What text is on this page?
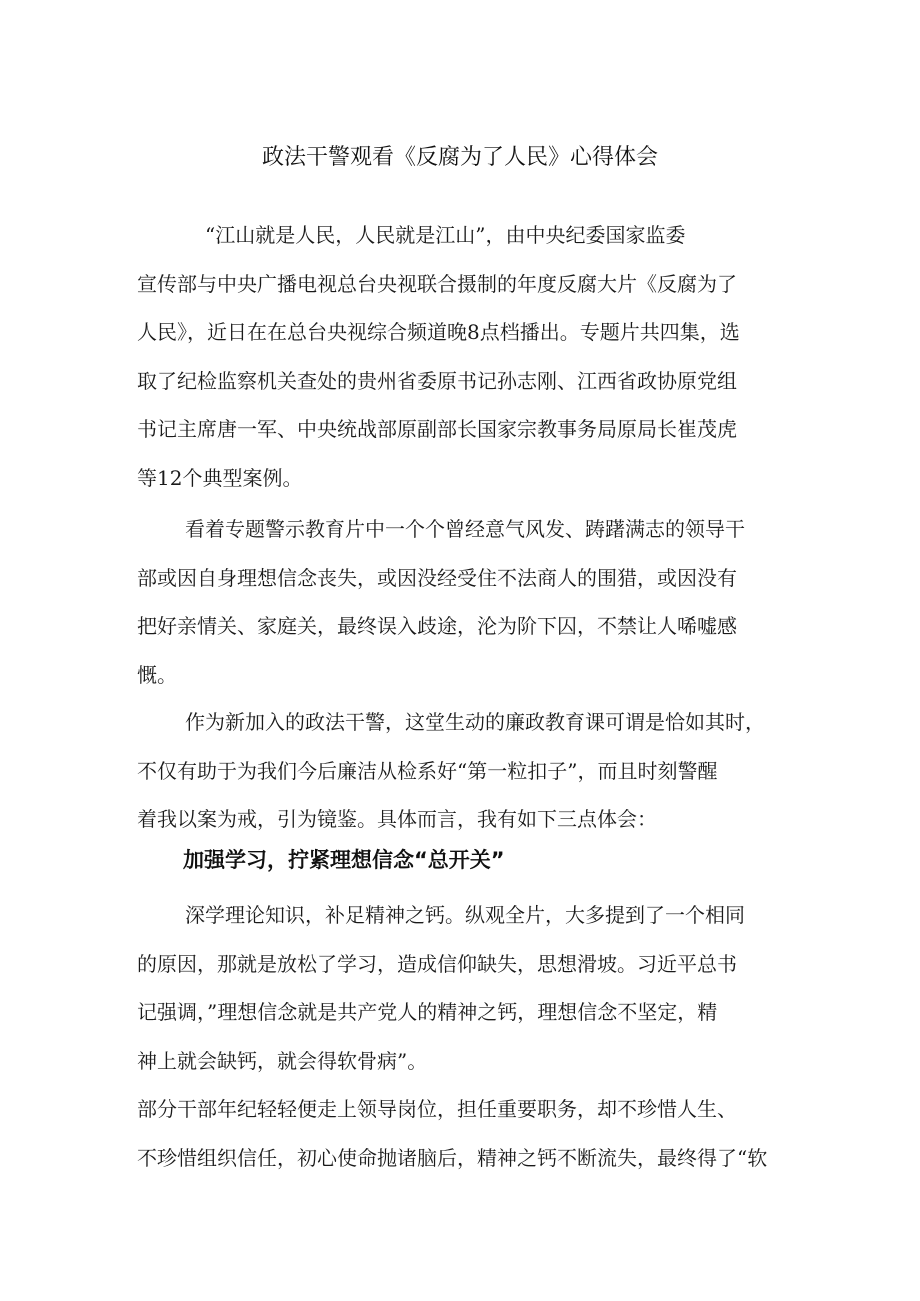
政法干警观看《反腐为了人民》心得体会
“江山就是人民，人民就是江山”，由中央纪委国家监委
宣传部与中央广播电视总台央视联合摄制的年度反腐大片《反腐为了
人民》，近日在在总台央视综合频道晚8点档播出。专题片共四集，选
取了纪检监察机关查处的贵州省委原书记孙志刚、江西省政协原党组
书记主席唐一军、中央统战部原副部长国家宗教事务局原局长崔茂虎
等12个典型案例。
看着专题警示教育片中一个个曾经意气风发、踌躇满志的领导干
部或因自身理想信念丧失，或因没经受住不法商人的围猎，或因没有
把好亲情关、家庭关，最终误入歧途，沦为阶下囚，不禁让人唏嘘感
慨。
作为新加入的政法干警，这堂生动的廉政教育课可谓是恰如其时，
不仅有助于为我们今后廉洁从检系好“第一粒扣子”，而且时刻警醒
着我以案为戒，引为镜鉴。具体而言，我有如下三点体会：
加强学习，拧紧理想信念“总开关”
深学理论知识，补足精神之钙。纵观全片，大多提到了一个相同
的原因，那就是放松了学习，造成信仰缺失，思想滑坡。习近平总书
记强调，”理想信念就是共产党人的精神之钙，理想信念不坚定，精
神上就会缺钙，就会得软骨病”。
部分干部年纪轻轻便走上领导岗位，担任重要职务，却不珍惜人生、
不珍惜组织信任，初心使命抛诸脑后，精神之钙不断流失，最终得了“软
